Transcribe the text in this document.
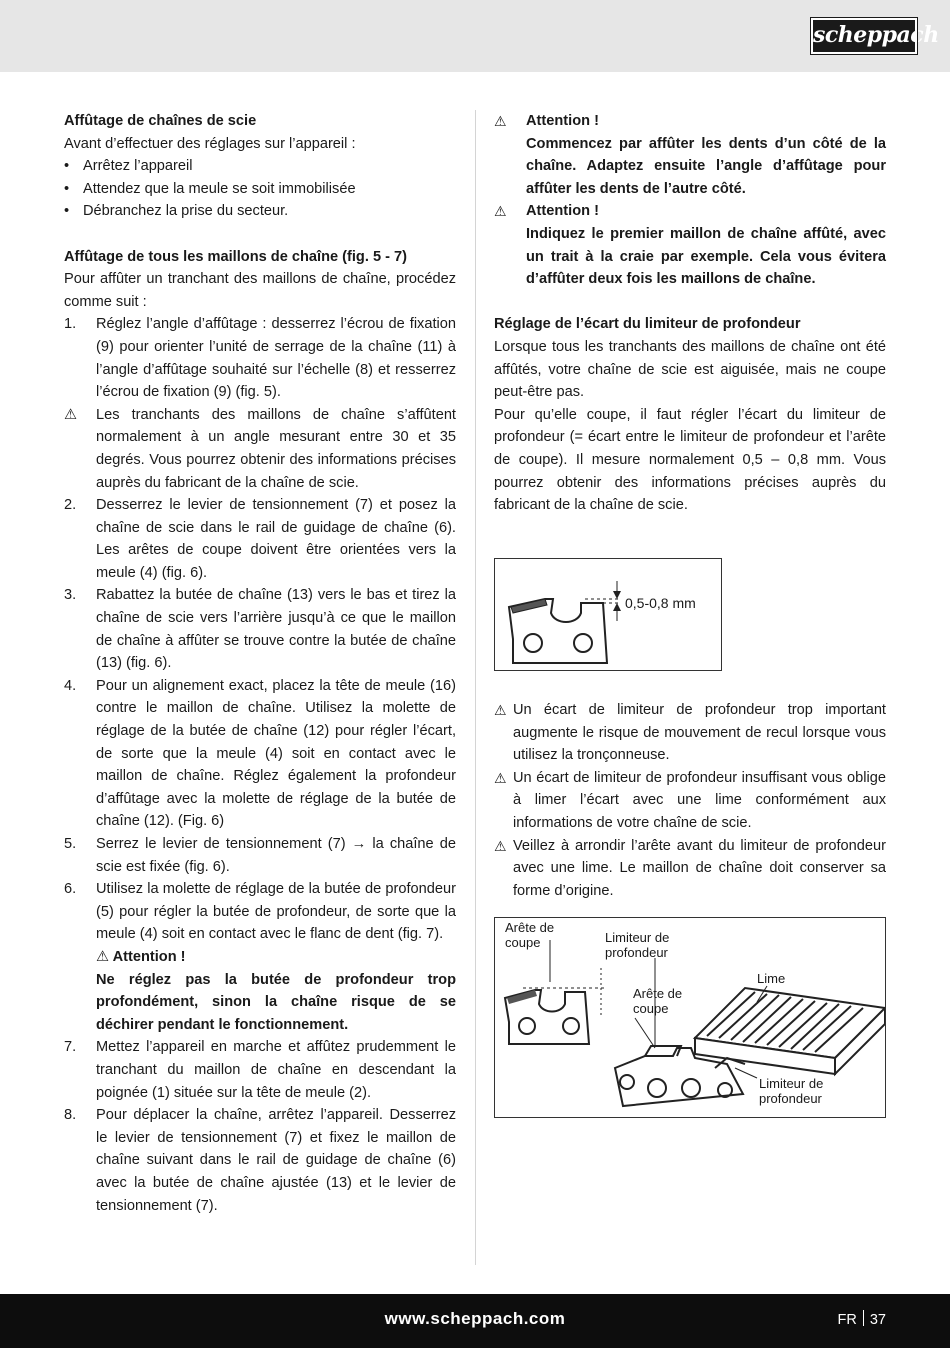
scheppach
Affûtage de chaînes de scie
Avant d’effectuer des réglages sur l’appareil :
• Arrêtez l’appareil
• Attendez que la meule se soit immobilisée
• Débranchez la prise du secteur.
Affûtage de tous les maillons de chaîne (fig. 5 - 7)
Pour affûter un tranchant des maillons de chaîne, procédez comme suit :
1. Réglez l’angle d’affûtage : desserrez l’écrou de fixation (9) pour orienter l’unité de serrage de la chaîne (11) à l’angle d’affûtage souhaité sur l’échelle (8) et resserrez l’écrou de fixation (9) (fig. 5).
⚠ Les tranchants des maillons de chaîne s’affûtent normalement à un angle mesurant entre 30 et 35 degrés. Vous pourrez obtenir des informations précises auprès du fabricant de la chaîne de scie.
2. Desserrez le levier de tensionnement (7) et posez la chaîne de scie dans le rail de guidage de chaîne (6). Les arêtes de coupe doivent être orientées vers la meule (4) (fig. 6).
3. Rabattez la butée de chaîne (13) vers le bas et tirez la chaîne de scie vers l’arrière jusqu’à ce que le maillon de chaîne à affûter se trouve contre la butée de chaîne (13) (fig. 6).
4. Pour un alignement exact, placez la tête de meule (16) contre le maillon de chaîne. Utilisez la molette de réglage de la butée de chaîne (12) pour régler l’écart, de sorte que la meule (4) soit en contact avec le maillon de chaîne. Réglez également la profondeur d’affûtage avec la molette de réglage de la butée de chaîne (12). (Fig. 6)
5. Serrez le levier de tensionnement (7) → la chaîne de scie est fixée (fig. 6).
6. Utilisez la molette de réglage de la butée de profondeur (5) pour régler la butée de profondeur, de sorte que la meule (4) soit en contact avec le flanc de dent (fig. 7).
⚠ Attention !
Ne réglez pas la butée de profondeur trop profondément, sinon la chaîne risque de se déchirer pendant le fonctionnement.
7. Mettez l’appareil en marche et affûtez prudemment le tranchant du maillon de chaîne en descendant la poignée (1) située sur la tête de meule (2).
8. Pour déplacer la chaîne, arrêtez l’appareil. Desserrez le levier de tensionnement (7) et fixez le maillon de chaîne suivant dans le rail de guidage de chaîne (6) avec la butée de chaîne ajustée (13) et le levier de tensionnement (7).
⚠ Attention !
Commencez par affûter les dents d’un côté de la chaîne. Adaptez ensuite l’angle d’affûtage pour affûter les dents de l’autre côté.
⚠ Attention !
Indiquez le premier maillon de chaîne affûté, avec un trait à la craie par exemple. Cela vous évitera d’affûter deux fois les maillons de chaîne.
Réglage de l’écart du limiteur de profondeur
Lorsque tous les tranchants des maillons de chaîne ont été affûtés, votre chaîne de scie est aiguisée, mais ne coupe peut-être pas.
Pour qu’elle coupe, il faut régler l’écart du limiteur de profondeur (= écart entre le limiteur de profondeur et l’arête de coupe). Il mesure normalement 0,5 – 0,8 mm. Vous pourrez obtenir des informations précises auprès du fabricant de la chaîne de scie.
0,5-0,8 mm
⚠ Un écart de limiteur de profondeur trop important augmente le risque de mouvement de recul lorsque vous utilisez la tronçonneuse.
⚠ Un écart de limiteur de profondeur insuffisant vous oblige à limer l’écart avec une lime conformément aux informations de votre chaîne de scie.
⚠ Veillez à arrondir l’arête avant du limiteur de profondeur avec une lime. Le maillon de chaîne doit conserver sa forme d’origine.
Arête de coupe	Limiteur de profondeur
Lime
Arête de coupe
Limiteur de profondeur
www.scheppach.com	FR 37
